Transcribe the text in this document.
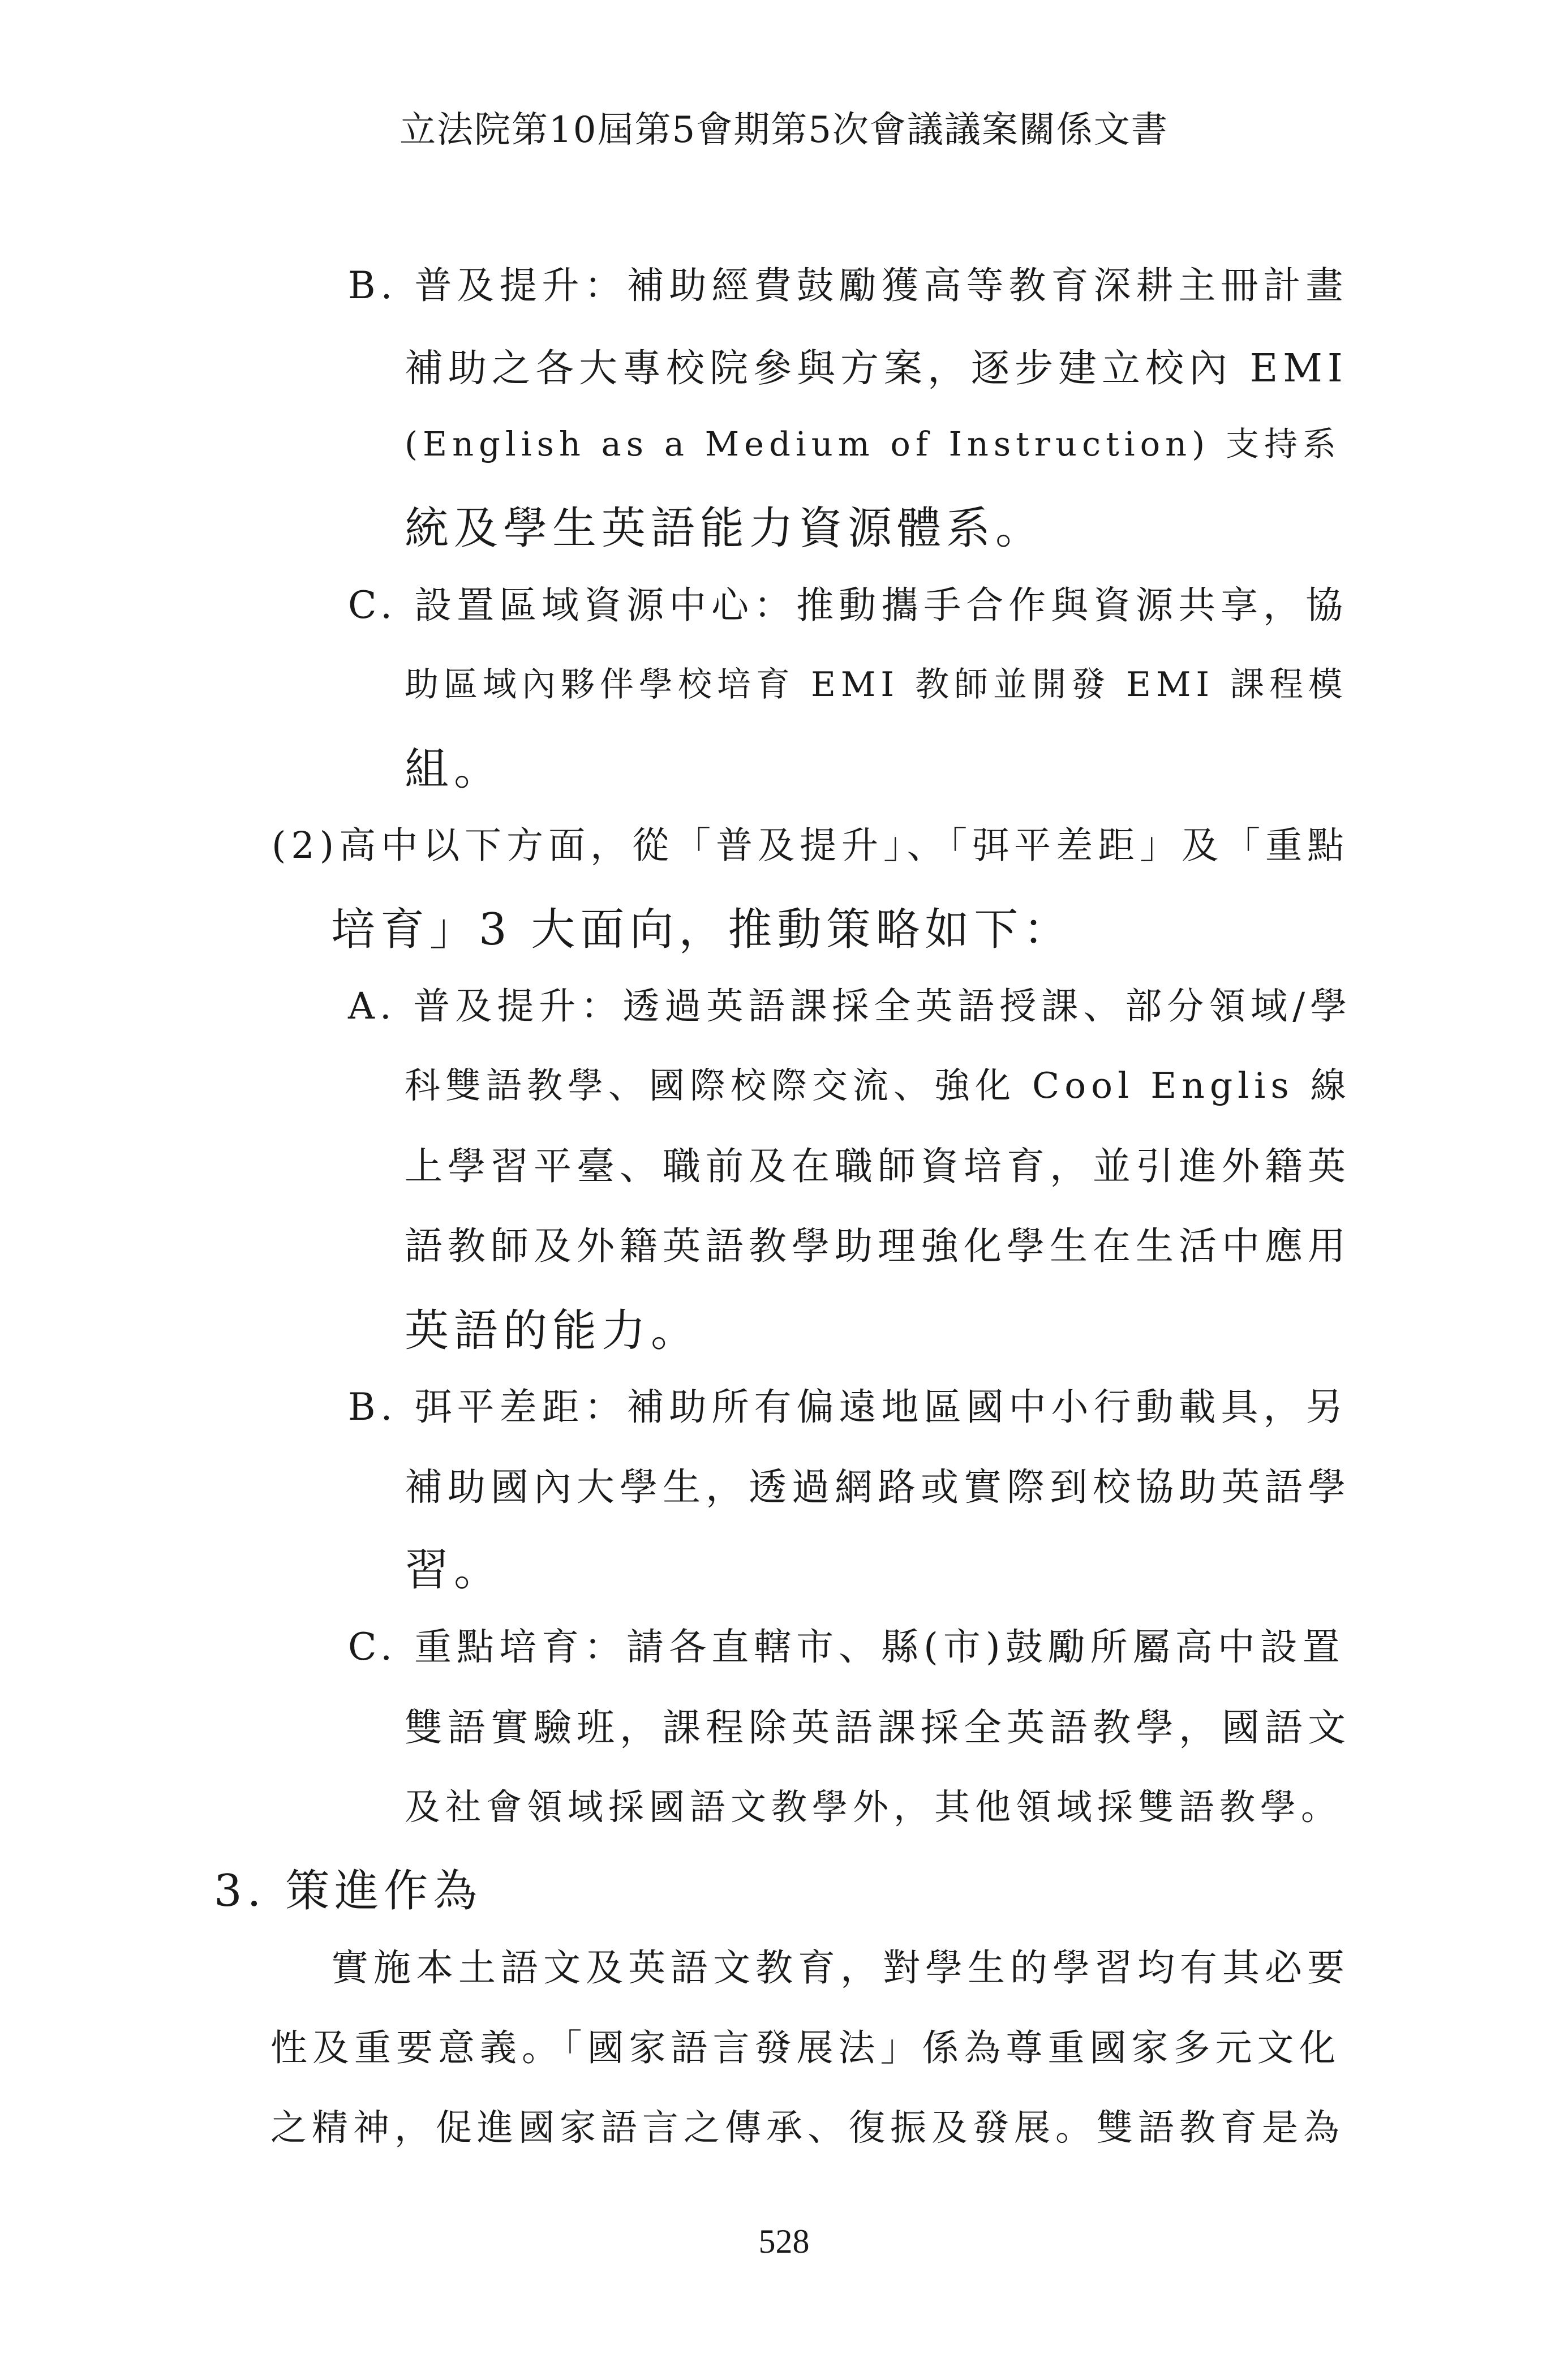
立法院第10屆第5會期第5次會議議案關係文書
B. 普及提升：補助經費鼓勵獲高等教育深耕主冊計畫
補助之各大專校院參與方案，逐步建立校內 EMI
(English as a Medium of Instruction) 支持系
統及學生英語能力資源體系。
C. 設置區域資源中心：推動攜手合作與資源共享，協
助區域內夥伴學校培育 EMI 教師並開發 EMI 課程模
組。
(2)高中以下方面，從「普及提升」、「弭平差距」及「重點
培育」3 大面向，推動策略如下：
A. 普及提升：透過英語課採全英語授課、部分領域/學
科雙語教學、國際校際交流、強化 Cool Englis 線
上學習平臺、職前及在職師資培育，並引進外籍英
語教師及外籍英語教學助理強化學生在生活中應用
英語的能力。
B. 弭平差距：補助所有偏遠地區國中小行動載具，另
補助國內大學生，透過網路或實際到校協助英語學
習。
C. 重點培育：請各直轄市、縣(市)鼓勵所屬高中設置
雙語實驗班，課程除英語課採全英語教學，國語文
及社會領域採國語文教學外，其他領域採雙語教學。
3. 策進作為
實施本土語文及英語文教育，對學生的學習均有其必要
性及重要意義。「國家語言發展法」係為尊重國家多元文化
之精神，促進國家語言之傳承、復振及發展。雙語教育是為
528
